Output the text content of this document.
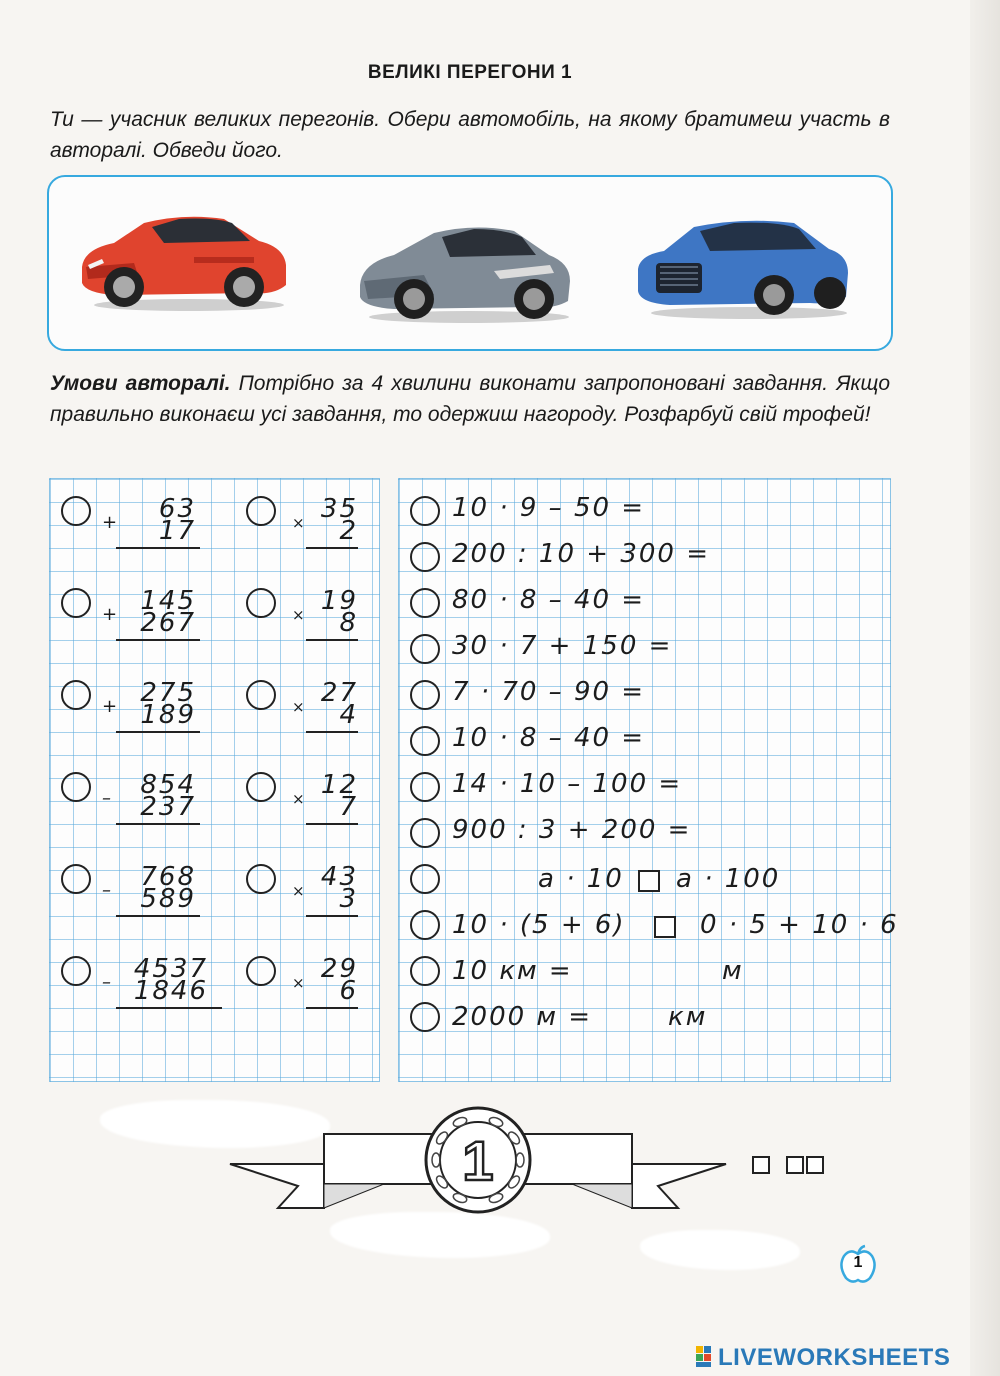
ВЕЛИКІ ПЕРЕГОНИ 1
Ти — учасник великих перегонів. Обери автомобіль, на якому братимеш участь в авторалі. Обведи його.
Умови авторалі. Потрібно за 4 хвилини виконати запропоновані завдання. Якщо правильно виконаєш усі завдання, то одержиш нагороду. Розфарбуй свій трофей!
+	63
17
+ 145
267
+ 275
189
–	854
237
–	768
589
– 4537
1846
× 35
2
× 19
8
× 27
4
× 12
7
× 43
3
× 29
6
10 · 9 – 50 =
200 : 10 + 300 =
80 · 8 – 40 =
30 · 7 + 150 =
7 · 70 – 90 =
10 · 8 – 40 =
14 · 10 – 100 =
900 : 3 + 200 =
а · 10 а · 100
10 · (5 + 6)	0 · 5 + 10 · 6
10 км =	м
2000 м =	км
1
1
LIVEWORKSHEETS
